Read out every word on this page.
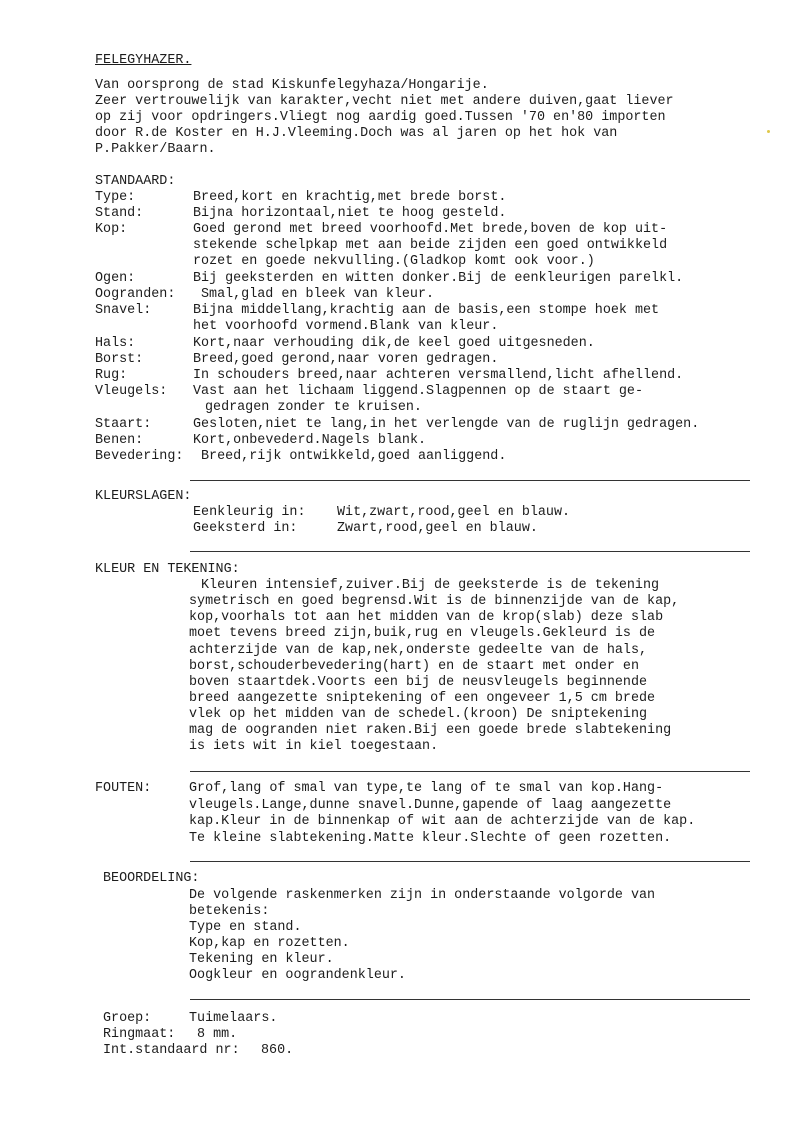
FELEGYHAZER.
Van oorsprong de stad Kiskunfelegyhaza/Hongarije.
Zeer vertrouwelijk van karakter,vecht niet met andere duiven,gaat liever
op zij voor opdringers.Vliegt nog aardig goed.Tussen '70 en'80 importen
door R.de Koster en H.J.Vleeming.Doch was al jaren op het hok van
P.Pakker/Baarn.
STANDAARD:
Type:	Breed,kort en krachtig,met brede borst.
Stand:	Bijna horizontaal,niet te hoog gesteld.
Kop:	Goed gerond met breed voorhoofd.Met brede,boven de kop uit-
stekende schelpkap met aan beide zijden een goed ontwikkeld
rozet en goede nekvulling.(Gladkop komt ook voor.)
Ogen:	Bij geeksterden en witten donker.Bij de eenkleurigen parelkl.
Oogranden: Smal,glad en bleek van kleur.
Snavel:	Bijna middellang,krachtig aan de basis,een stompe hoek met
het voorhoofd vormend.Blank van kleur.
Hals:	Kort,naar verhouding dik,de keel goed uitgesneden.
Borst:	Breed,goed gerond,naar voren gedragen.
Rug:	In schouders breed,naar achteren versmallend,licht afhellend.
Vleugels: Vast aan het lichaam liggend.Slagpennen op de staart ge-
gedragen zonder te kruisen.
Staart:	Gesloten,niet te lang,in het verlengde van de ruglijn gedragen.
Benen:	Kort,onbevederd.Nagels blank.
Bevedering: Breed,rijk ontwikkeld,goed aanliggend.
KLEURSLAGEN:
Eenkleurig in: Wit,zwart,rood,geel en blauw.
Geeksterd in:	Zwart,rood,geel en blauw.
KLEUR EN TEKENING:
Kleuren intensief,zuiver.Bij de geeksterde is de tekening
symetrisch en goed begrensd.Wit is de binnenzijde van de kap,
kop,voorhals tot aan het midden van de krop(slab) deze slab
moet tevens breed zijn,buik,rug en vleugels.Gekleurd is de
achterzijde van de kap,nek,onderste gedeelte van de hals,
borst,schouderbevedering(hart) en de staart met onder en
boven staartdek.Voorts een bij de neusvleugels beginnende
breed aangezette sniptekening of een ongeveer 1,5 cm brede
vlek op het midden van de schedel.(kroon) De sniptekening
mag de oogranden niet raken.Bij een goede brede slabtekening
is iets wit in kiel toegestaan.
FOUTEN:	Grof,lang of smal van type,te lang of te smal van kop.Hang-
vleugels.Lange,dunne snavel.Dunne,gapende of laag aangezette
kap.Kleur in de binnenkap of wit aan de achterzijde van de kap.
Te kleine slabtekening.Matte kleur.Slechte of geen rozetten.
BEOORDELING:
De volgende raskenmerken zijn in onderstaande volgorde van
betekenis:
Type en stand.
Kop,kap en rozetten.
Tekening en kleur.
Oogkleur en oograndenkleur.
Groep:	Tuimelaars.
Ringmaat: 8 mm.
Int.standaard nr: 860.
